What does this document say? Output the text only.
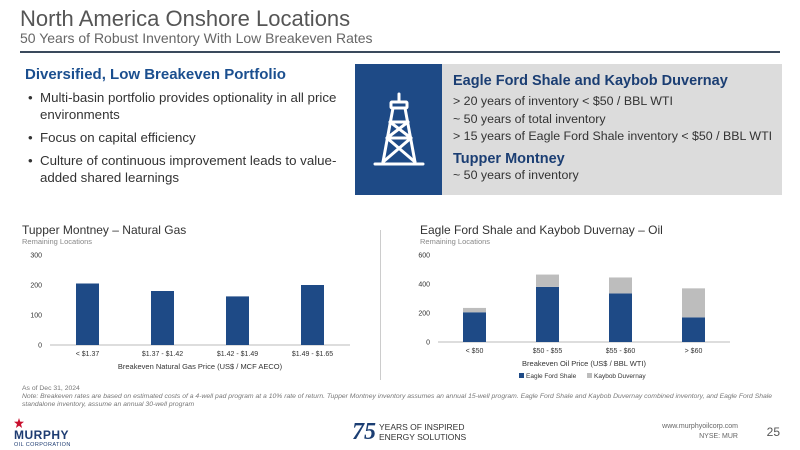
North America Onshore Locations
50 Years of Robust Inventory With Low Breakeven Rates
Diversified, Low Breakeven Portfolio
• Multi-basin portfolio provides optionality in all price environments
• Focus on capital efficiency
• Culture of continuous improvement leads to value-added shared learnings
Eagle Ford Shale and Kaybob Duvernay
> 20 years of inventory < $50 / BBL WTI
~ 50 years of total inventory
> 15 years of Eagle Ford Shale inventory < $50 / BBL WTI
Tupper Montney
~ 50 years of inventory
Tupper Montney – Natural Gas
Remaining Locations
0
100
200
300
< $1.37	$1.37 - $1.42	$1.42 - $1.49	$1.49 - $1.65
Breakeven Natural Gas Price (US$ / MCF AECO)
Eagle Ford Shale and Kaybob Duvernay – Oil
Remaining Locations
0
200
400
600
< $50	$50 - $55	$55 - $60	> $60
Breakeven Oil Price (US$ / BBL WTI)
Eagle Ford Shale	Kaybob Duvernay
As of Dec 31, 2024
Note: Breakeven rates are based on estimated costs of a 4-well pad program at a 10% rate of return. Tupper Montney inventory assumes an annual 15-well program. Eagle Ford Shale and Kaybob Duvernay combined inventory, and Eagle Ford Shale standalone inventory, assume an annual 30-well program
MURPHY
OIL CORPORATION	75 YEARS OF INSPIRED
ENERGY SOLUTIONS
www.murphyoilcorp.com
NYSE: MUR 25
